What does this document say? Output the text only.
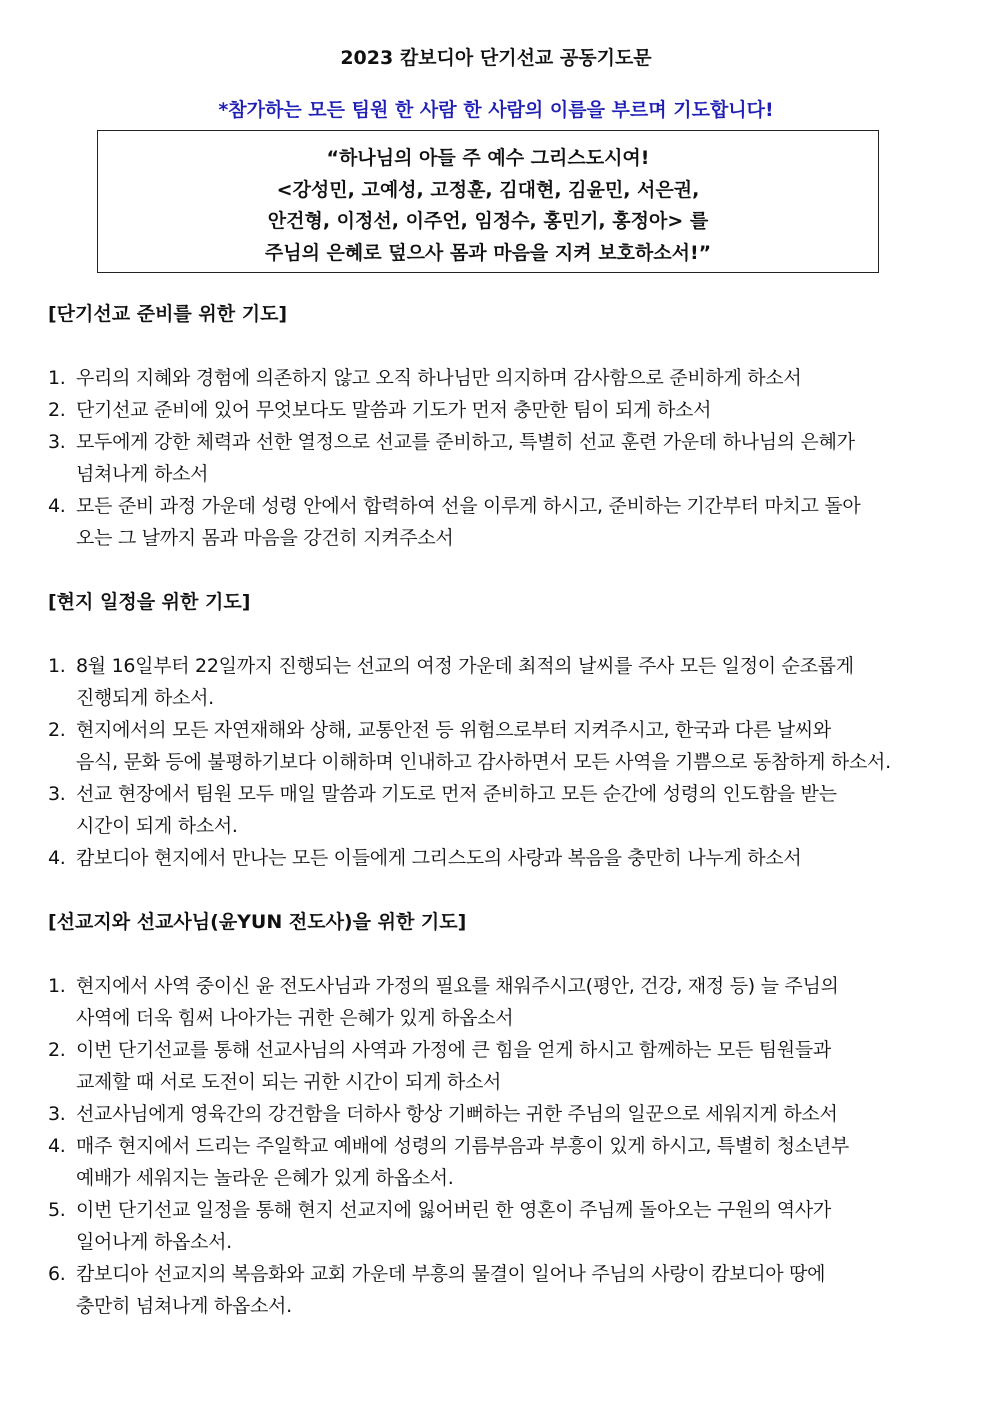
2023 캄보디아 단기선교 공동기도문
*참가하는 모든 팀원 한 사람 한 사람의 이름을 부르며 기도합니다!
“하나님의 아들 주 예수 그리스도시여!
<강성민, 고예성, 고정훈, 김대현, 김윤민, 서은권,
안건형, 이정선, 이주언, 임정수, 홍민기, 홍정아> 를
주님의 은혜로 덮으사 몸과 마음을 지켜 보호하소서!”
[단기선교 준비를 위한 기도]
1. 우리의 지혜와 경험에 의존하지 않고 오직 하나님만 의지하며 감사함으로 준비하게 하소서
2. 단기선교 준비에 있어 무엇보다도 말씀과 기도가 먼저 충만한 팀이 되게 하소서
3. 모두에게 강한 체력과 선한 열정으로 선교를 준비하고, 특별히 선교 훈련 가운데 하나님의 은혜가
넘쳐나게 하소서
4. 모든 준비 과정 가운데 성령 안에서 합력하여 선을 이루게 하시고, 준비하는 기간부터 마치고 돌아
오는 그 날까지 몸과 마음을 강건히 지켜주소서
[현지 일정을 위한 기도]
1. 8월 16일부터 22일까지 진행되는 선교의 여정 가운데 최적의 날씨를 주사 모든 일정이 순조롭게
진행되게 하소서.
2. 현지에서의 모든 자연재해와 상해, 교통안전 등 위험으로부터 지켜주시고, 한국과 다른 날씨와
음식, 문화 등에 불평하기보다 이해하며 인내하고 감사하면서 모든 사역을 기쁨으로 동참하게 하소서.
3. 선교 현장에서 팀원 모두 매일 말씀과 기도로 먼저 준비하고 모든 순간에 성령의 인도함을 받는
시간이 되게 하소서.
4. 캄보디아 현지에서 만나는 모든 이들에게 그리스도의 사랑과 복음을 충만히 나누게 하소서
[선교지와 선교사님(윤YUN 전도사)을 위한 기도]
1. 현지에서 사역 중이신 윤 전도사님과 가정의 필요를 채워주시고(평안, 건강, 재정 등) 늘 주님의
사역에 더욱 힘써 나아가는 귀한 은혜가 있게 하옵소서
2. 이번 단기선교를 통해 선교사님의 사역과 가정에 큰 힘을 얻게 하시고 함께하는 모든 팀원들과
교제할 때 서로 도전이 되는 귀한 시간이 되게 하소서
3. 선교사님에게 영육간의 강건함을 더하사 항상 기뻐하는 귀한 주님의 일꾼으로 세워지게 하소서
4. 매주 현지에서 드리는 주일학교 예배에 성령의 기름부음과 부흥이 있게 하시고, 특별히 청소년부
예배가 세워지는 놀라운 은혜가 있게 하옵소서.
5. 이번 단기선교 일정을 통해 현지 선교지에 잃어버린 한 영혼이 주님께 돌아오는 구원의 역사가
일어나게 하옵소서.
6. 캄보디아 선교지의 복음화와 교회 가운데 부흥의 물결이 일어나 주님의 사랑이 캄보디아 땅에
충만히 넘쳐나게 하옵소서.
